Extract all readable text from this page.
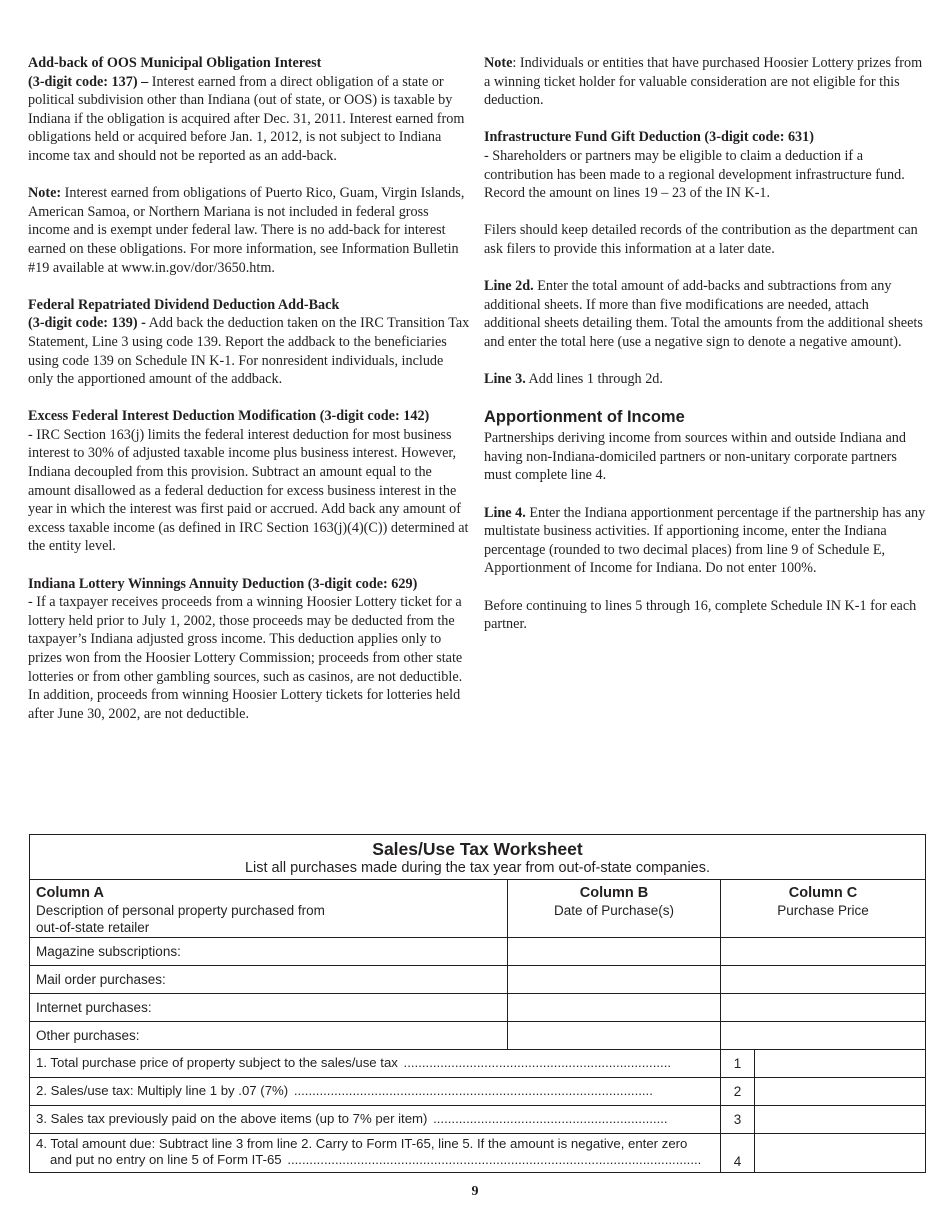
Add-back of OOS Municipal Obligation Interest
(3-digit code: 137) – Interest earned from a direct obligation of a state or political subdivision other than Indiana (out of state, or OOS) is taxable by Indiana if the obligation is acquired after Dec. 31, 2011. Interest earned from obligations held or acquired before Jan. 1, 2012, is not subject to Indiana income tax and should not be reported as an add-back.

Note: Interest earned from obligations of Puerto Rico, Guam, Virgin Islands, American Samoa, or Northern Mariana is not included in federal gross income and is exempt under federal law. There is no add-back for interest earned on these obligations. For more information, see Information Bulletin #19 available at www.in.gov/dor/3650.htm.

Federal Repatriated Dividend Deduction Add-Back
(3-digit code: 139) - Add back the deduction taken on the IRC Transition Tax Statement, Line 3 using code 139. Report the addback to the beneficiaries using code 139 on Schedule IN K-1. For nonresident individuals, include only the apportioned amount of the addback.

Excess Federal Interest Deduction Modification (3-digit code: 142)
- IRC Section 163(j) limits the federal interest deduction for most business interest to 30% of adjusted taxable income plus business interest. However, Indiana decoupled from this provision. Subtract an amount equal to the amount disallowed as a federal deduction for excess business interest in the year in which the interest was first paid or accrued. Add back any amount of excess taxable income (as defined in IRC Section 163(j)(4)(C)) determined at the entity level.

Indiana Lottery Winnings Annuity Deduction (3-digit code: 629)
- If a taxpayer receives proceeds from a winning Hoosier Lottery ticket for a lottery held prior to July 1, 2002, those proceeds may be deducted from the taxpayer’s Indiana adjusted gross income. This deduction applies only to prizes won from the Hoosier Lottery Commission; proceeds from other state lotteries or from other gambling sources, such as casinos, are not deductible. In addition, proceeds from winning Hoosier Lottery tickets for lotteries held after June 30, 2002, are not deductible.

Note: Individuals or entities that have purchased Hoosier Lottery prizes from a winning ticket holder for valuable consideration are not eligible for this deduction.

Infrastructure Fund Gift Deduction (3-digit code: 631)
- Shareholders or partners may be eligible to claim a deduction if a contribution has been made to a regional development infrastructure fund. Record the amount on lines 19 – 23 of the IN K-1.

Filers should keep detailed records of the contribution as the department can ask filers to provide this information at a later date.

Line 2d. Enter the total amount of add-backs and subtractions from any additional sheets. If more than five modifications are needed, attach additional sheets detailing them. Total the amounts from the additional sheets and enter the total here (use a negative sign to denote a negative amount).

Line 3. Add lines 1 through 2d.

Apportionment of Income

Partnerships deriving income from sources within and outside Indiana and having non-Indiana-domiciled partners or non-unitary corporate partners must complete line 4.

Line 4. Enter the Indiana apportionment percentage if the partnership has any multistate business activities. If apportioning income, enter the Indiana percentage (rounded to two decimal places) from line 9 of Schedule E, Apportionment of Income for Indiana. Do not enter 100%.

Before continuing to lines 5 through 16, complete Schedule IN K-1 for each partner.

Sales/Use Tax Worksheet
List all purchases made during the tax year from out-of-state companies.
Column A
Description of personal property purchased from
out-of-state retailer
Column B
Date of Purchase(s)
Column C
Purchase Price
Magazine subscriptions:
Mail order purchases:
Internet purchases:
Other purchases:
1. Total purchase price of property subject to the sales/use tax .........................................................................	1
2. Sales/use tax: Multiply line 1 by .07 (7%) ..................................................................................................	2
3. Sales tax previously paid on the above items (up to 7% per item) ................................................................	3
4. Total amount due: Subtract line 3 from line 2. Carry to Form IT-65, line 5. If the amount is negative, enter zero
and put no entry on line 5 of Form IT-65 .................................................................................................................	4
9
